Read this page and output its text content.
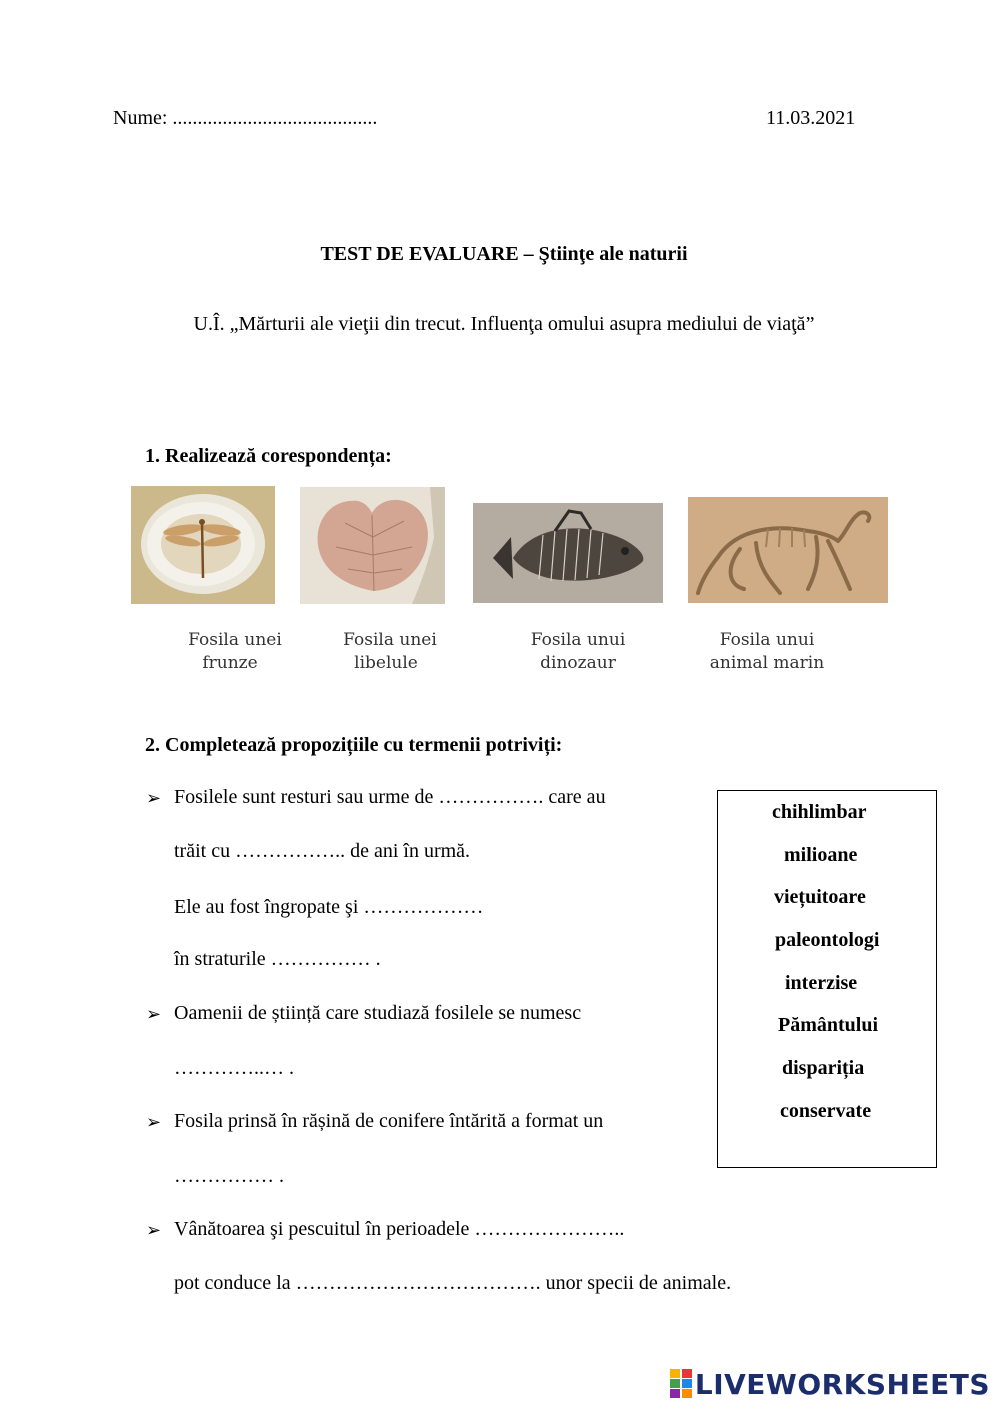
Nume: .........................................	11.03.2021
TEST DE EVALUARE – Ştiinţe ale naturii
U.Î. „Mărturii ale vieţii din trecut. Influenţa omului asupra mediului de viaţă”
1. Realizează corespondența:
Fosila unei
frunze
Fosila unei
libelule
Fosila unui
dinozaur
Fosila unui
animal marin
2. Completează propozițiile cu termenii potriviți:
➢ Fosilele sunt resturi sau urme de ……………. care au
trăit cu …………….. de ani în urmă.
Ele au fost îngropate şi ………………
în straturile …………… .
➢ Oamenii de știință care studiază fosilele se numesc
…………..… .
➢ Fosila prinsă în rășină de conifere întărită a format un
…………… .
➢ Vânătoarea şi pescuitul în perioadele …………………..
pot conduce la ………………………………. unor specii de animale.
chihlimbar
milioane
viețuitoare
paleontologi
interzise
Pământului
dispariția
conservate
LIVEWORKSHEETS
